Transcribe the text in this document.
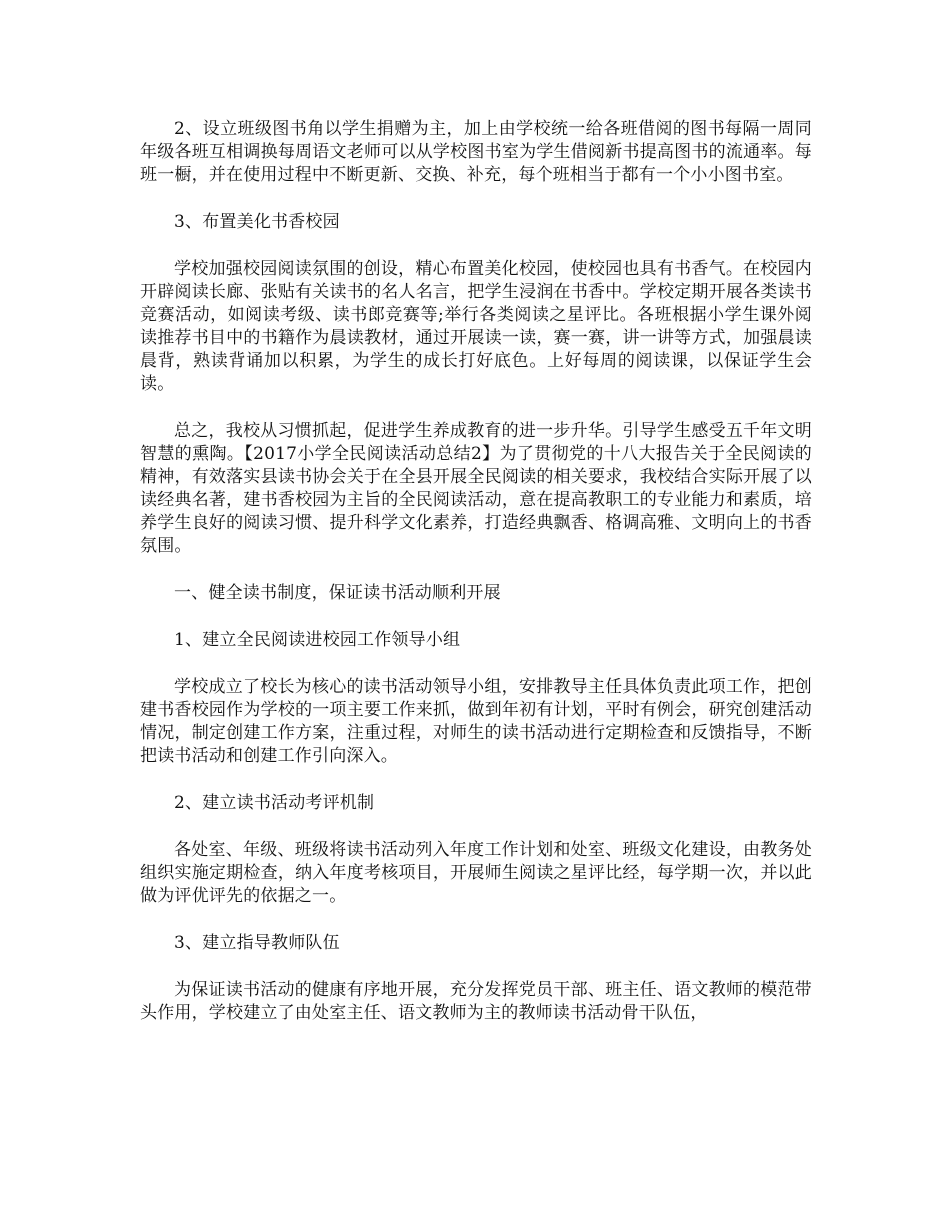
2、设立班级图书角以学生捐赠为主，加上由学校统一给各班借阅的图书每隔一周同年级各班互相调换每周语文老师可以从学校图书室为学生借阅新书提高图书的流通率。每班一橱，并在使用过程中不断更新、交换、补充，每个班相当于都有一个小小图书室。

3、布置美化书香校园

学校加强校园阅读氛围的创设，精心布置美化校园，使校园也具有书香气。在校园内开辟阅读长廊、张贴有关读书的名人名言，把学生浸润在书香中。学校定期开展各类读书竞赛活动，如阅读考级、读书郎竞赛等;举行各类阅读之星评比。各班根据小学生课外阅读推荐书目中的书籍作为晨读教材，通过开展读一读，赛一赛，讲一讲等方式，加强晨读晨背，熟读背诵加以积累，为学生的成长打好底色。上好每周的阅读课，以保证学生会读。

总之，我校从习惯抓起，促进学生养成教育的进一步升华。引导学生感受五千年文明智慧的熏陶。【2017小学全民阅读活动总结2】为了贯彻党的十八大报告关于全民阅读的精神，有效落实县读书协会关于在全县开展全民阅读的相关要求，我校结合实际开展了以读经典名著，建书香校园为主旨的全民阅读活动，意在提高教职工的专业能力和素质，培养学生良好的阅读习惯、提升科学文化素养，打造经典飘香、格调高雅、文明向上的书香氛围。

一、健全读书制度，保证读书活动顺利开展

1、建立全民阅读进校园工作领导小组

学校成立了校长为核心的读书活动领导小组，安排教导主任具体负责此项工作，把创建书香校园作为学校的一项主要工作来抓，做到年初有计划，平时有例会，研究创建活动情况，制定创建工作方案，注重过程，对师生的读书活动进行定期检查和反馈指导，不断把读书活动和创建工作引向深入。

2、建立读书活动考评机制

各处室、年级、班级将读书活动列入年度工作计划和处室、班级文化建设，由教务处组织实施定期检查，纳入年度考核项目，开展师生阅读之星评比经，每学期一次，并以此做为评优评先的依据之一。

3、建立指导教师队伍

为保证读书活动的健康有序地开展，充分发挥党员干部、班主任、语文教师的模范带头作用，学校建立了由处室主任、语文教师为主的教师读书活动骨干队伍，
